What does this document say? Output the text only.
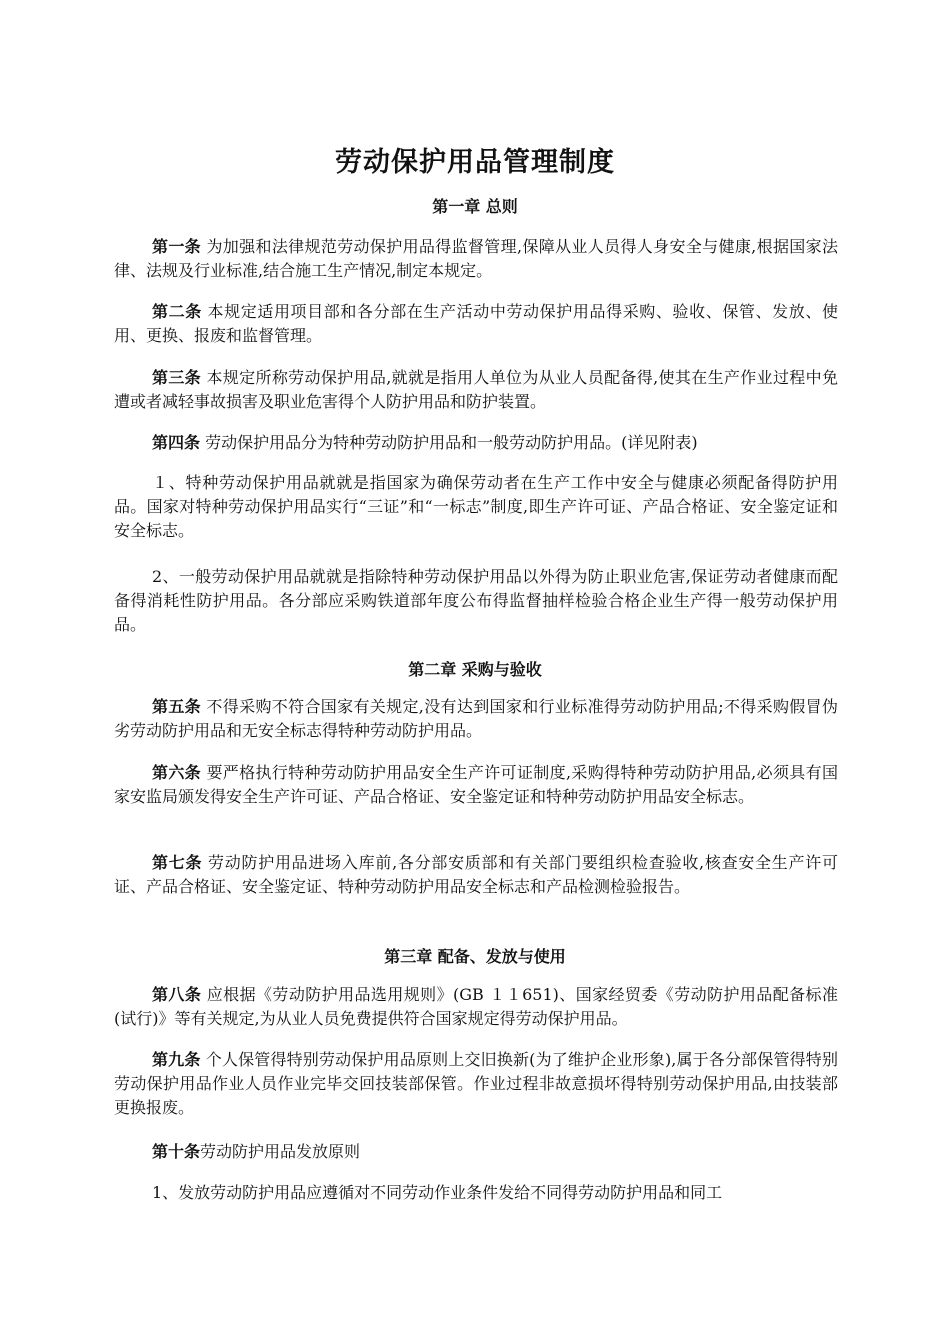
劳动保护用品管理制度
第一章 总则
第一条 为加强和法律规范劳动保护用品得监督管理,保障从业人员得人身安全与健康,根据国家法律、法规及行业标准,结合施工生产情况,制定本规定。
第二条 本规定适用项目部和各分部在生产活动中劳动保护用品得采购、验收、保管、发放、使用、更换、报废和监督管理。
第三条 本规定所称劳动保护用品,就就是指用人单位为从业人员配备得,使其在生产作业过程中免遭或者减轻事故损害及职业危害得个人防护用品和防护装置。
第四条 劳动保护用品分为特种劳动防护用品和一般劳动防护用品。(详见附表)
１、特种劳动保护用品就就是指国家为确保劳动者在生产工作中安全与健康必须配备得防护用品。国家对特种劳动保护用品实行“三证”和“一标志”制度,即生产许可证、产品合格证、安全鉴定证和安全标志。
2、一般劳动保护用品就就是指除特种劳动保护用品以外得为防止职业危害,保证劳动者健康而配备得消耗性防护用品。各分部应采购铁道部年度公布得监督抽样检验合格企业生产得一般劳动保护用品。
第二章 采购与验收
第五条 不得采购不符合国家有关规定,没有达到国家和行业标准得劳动防护用品;不得采购假冒伪劣劳动防护用品和无安全标志得特种劳动防护用品。
第六条 要严格执行特种劳动防护用品安全生产许可证制度,采购得特种劳动防护用品,必须具有国家安监局颁发得安全生产许可证、产品合格证、安全鉴定证和特种劳动防护用品安全标志。
第七条 劳动防护用品进场入库前,各分部安质部和有关部门要组织检查验收,核查安全生产许可证、产品合格证、安全鉴定证、特种劳动防护用品安全标志和产品检测检验报告。
第三章 配备、发放与使用
第八条 应根据《劳动防护用品选用规则》(GB １１651)、国家经贸委《劳动防护用品配备标准(试行)》等有关规定,为从业人员免费提供符合国家规定得劳动保护用品。
第九条 个人保管得特别劳动保护用品原则上交旧换新(为了维护企业形象),属于各分部保管得特别劳动保护用品作业人员作业完毕交回技装部保管。作业过程非故意损坏得特别劳动保护用品,由技装部更换报废。
第十条劳动防护用品发放原则
1、发放劳动防护用品应遵循对不同劳动作业条件发给不同得劳动防护用品和同工
